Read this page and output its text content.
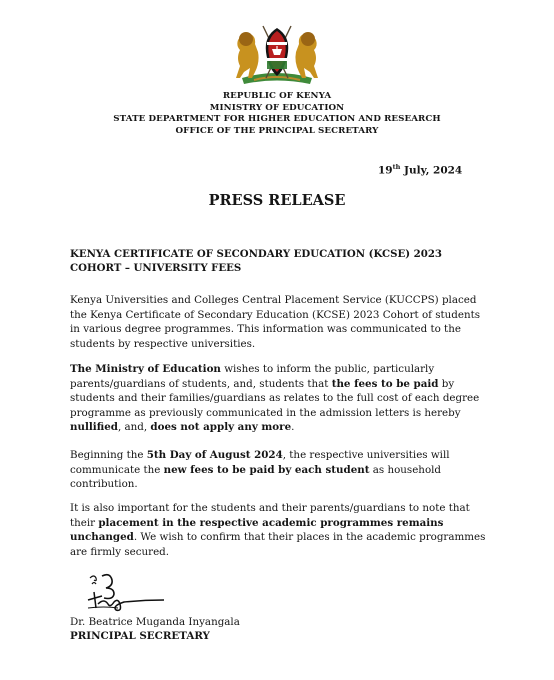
REPUBLIC OF KENYA
MINISTRY OF EDUCATION
STATE DEPARTMENT FOR HIGHER EDUCATION AND RESEARCH
OFFICE OF THE PRINCIPAL SECRETARY
19th July, 2024
PRESS RELEASE
KENYA CERTIFICATE OF SECONDARY EDUCATION (KCSE) 2023
COHORT – UNIVERSITY FEES
Kenya Universities and Colleges Central Placement Service (KUCCPS) placed
the Kenya Certificate of Secondary Education (KCSE) 2023 Cohort of students
in various degree programmes. This information was communicated to the
students by respective universities.
The Ministry of Education wishes to inform the public, particularly
parents/guardians of students, and, students that the fees to be paid by
students and their families/guardians as relates to the full cost of each degree
programme as previously communicated in the admission letters is hereby
nullified, and, does not apply any more.
Beginning the 5th Day of August 2024, the respective universities will
communicate the new fees to be paid by each student as household
contribution.
It is also important for the students and their parents/guardians to note that
their placement in the respective academic programmes remains
unchanged. We wish to confirm that their places in the academic programmes
are firmly secured.
Dr. Beatrice Muganda Inyangala
PRINCIPAL SECRETARY
